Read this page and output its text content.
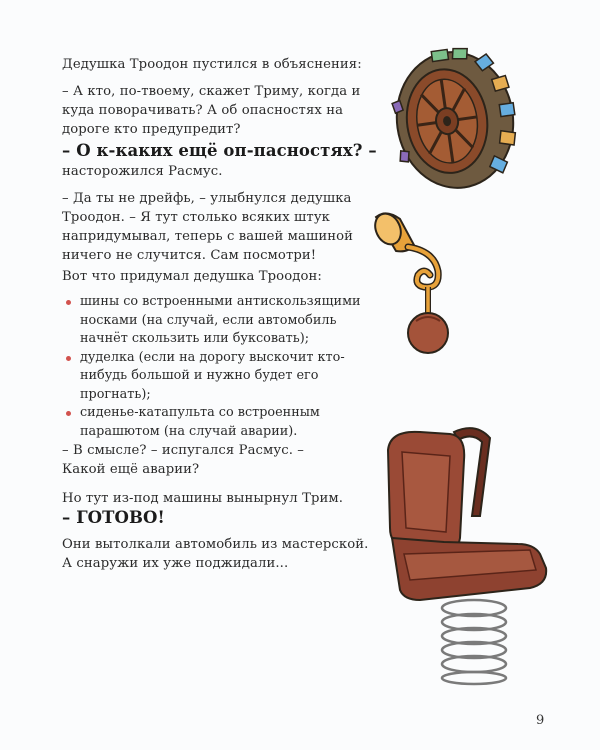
Дедушка Троодон пустился в объяснения:

– А кто, по-твоему, скажет Триму, когда и куда поворачивать? А об опасностях на дороге кто предупредит?

– О к-каких ещё оп-пасностях? –

насторожился Расмус.

– Да ты не дрейфь, – улыбнулся дедушка Троодон. – Я тут столько всяких штук напридумывал, теперь с вашей машиной ничего не случится. Сам посмотри!

Вот что придумал дедушка Троодон:

шины со встроенными антискользящими носками (на случай, если автомобиль начнёт скользить или буксовать);
дуделка (если на дорогу выскочит кто-нибудь большой и нужно будет его прогнать);
сиденье-катапульта со встроенным парашютом (на случай аварии).

– В смысле? – испугался Расмус. – Какой ещё аварии?

Но тут из-под машины вынырнул Трим.

– ГОТОВО!

Они вытолкали автомобиль из мастерской. А снаружи их уже поджидали...

9
